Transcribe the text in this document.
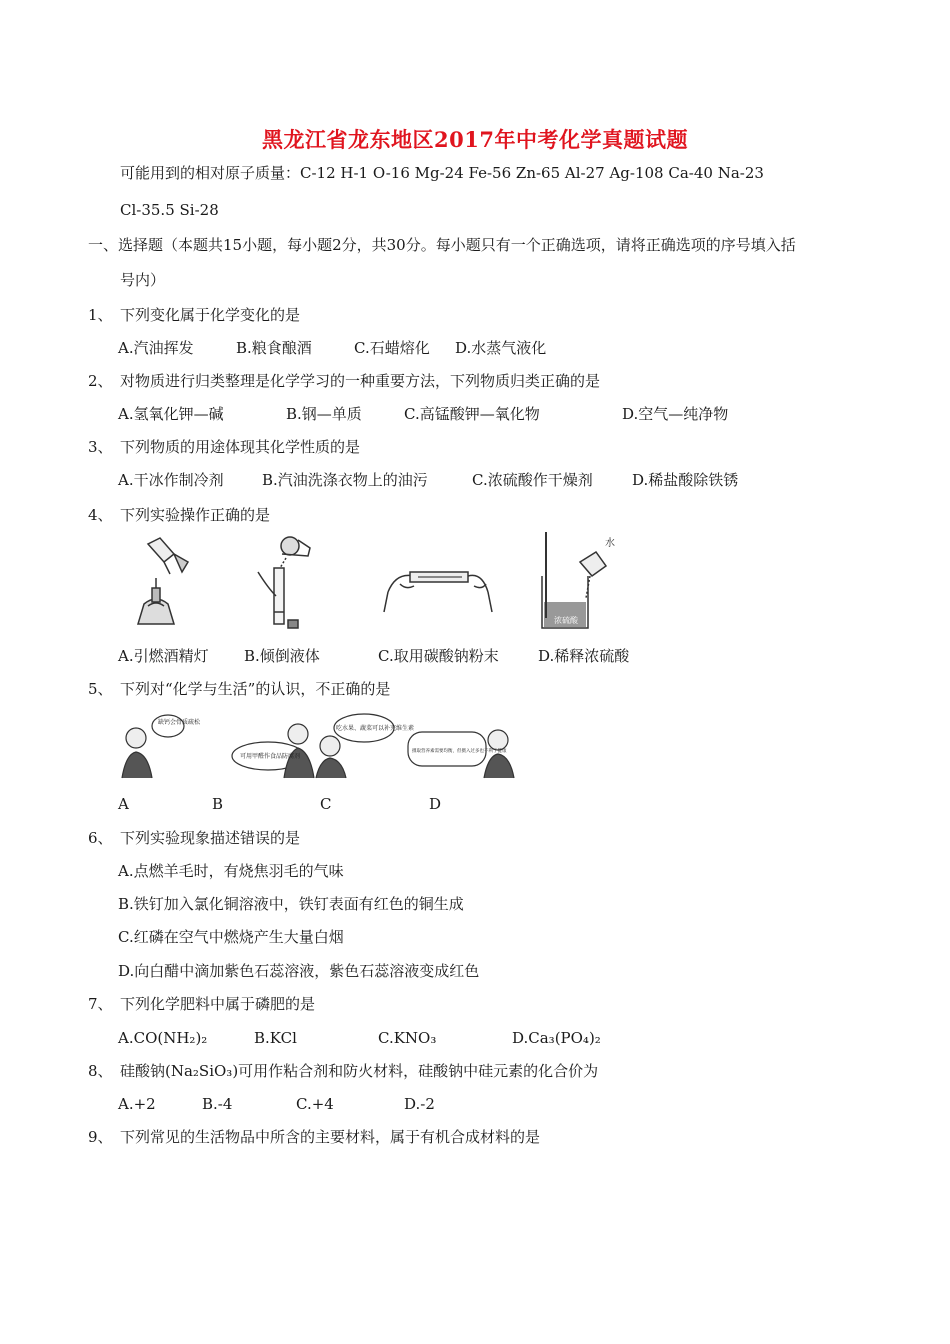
黑龙江省龙东地区2017年中考化学真题试题
可能用到的相对原子质量：C-12 H-1 O-16 Mg-24 Fe-56 Zn-65 Al-27 Ag-108 Ca-40 Na-23
Cl-35.5 Si-28
一、选择题（本题共15小题，每小题2分，共30分。每小题只有一个正确选项，请将正确选项的序号填入括
号内）
1、 下列变化属于化学变化的是
A.汽油挥发	B.粮食酿酒	C.石蜡熔化 D.水蒸气液化
2、 对物质进行归类整理是化学学习的一种重要方法，下列物质归类正确的是
A.氢氧化钾—碱	B.钢—单质	C.高锰酸钾—氧化物	D.空气—纯净物
3、 下列物质的用途体现其化学性质的是
A.干冰作制冷剂	B.汽油洗涤衣物上的油污	C.浓硫酸作干燥剂	D.稀盐酸除铁锈
4、 下列实验操作正确的是
水
浓硫酸
A.引燃酒精灯 B.倾倒液体	C.取用碳酸钠粉末	D.稀释浓硫酸
5、 下列对“化学与生活”的认识，不正确的是
缺钙会骨质疏松
可用甲醛作食品防腐剂
吃水果、蔬菜可以补充维生素
摄取营养素需要均衡，但摄入过多也不利于健康
A	B	C	D
6、 下列实验现象描述错误的是
A.点燃羊毛时，有烧焦羽毛的气味
B.铁钉加入氯化铜溶液中，铁钉表面有红色的铜生成
C.红磷在空气中燃烧产生大量白烟
D.向白醋中滴加紫色石蕊溶液，紫色石蕊溶液变成红色
7、 下列化学肥料中属于磷肥的是
A.CO(NH₂)₂	B.KCl	C.KNO₃	D.Ca₃(PO₄)₂
8、 硅酸钠(Na₂SiO₃)可用作粘合剂和防火材料，硅酸钠中硅元素的化合价为
A.+2	B.-4	C.+4	D.-2
9、 下列常见的生活物品中所含的主要材料，属于有机合成材料的是
